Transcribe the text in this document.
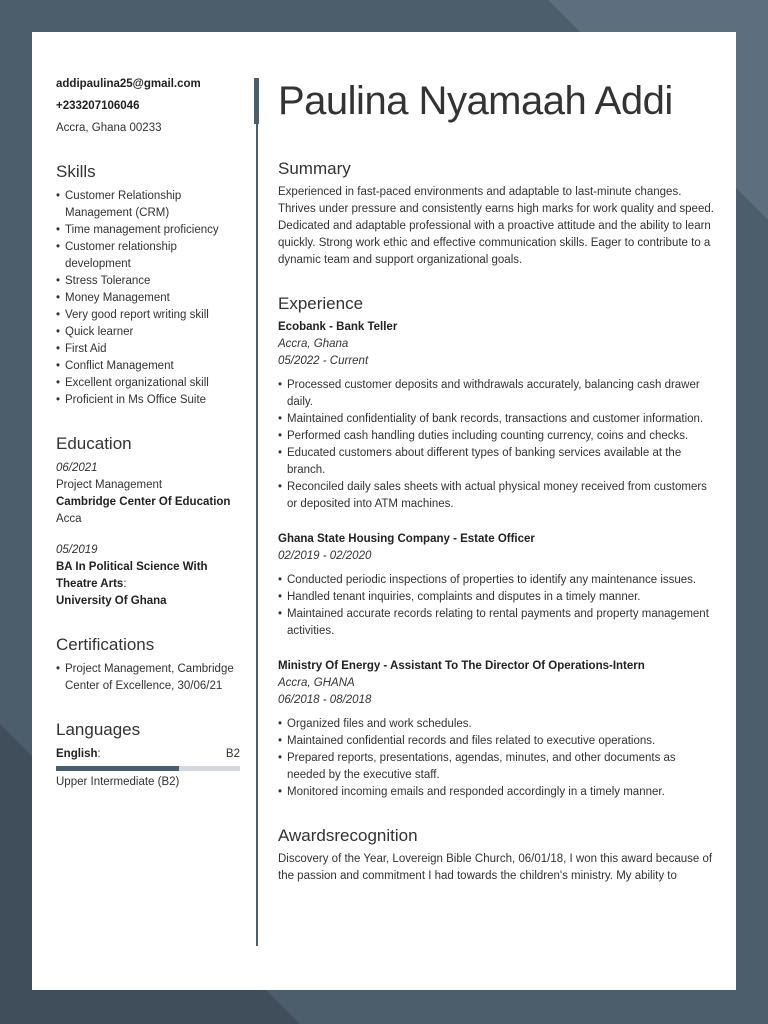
addipaulina25@gmail.com
+233207106046
Accra, Ghana 00233
Skills
• Customer Relationship Management (CRM)
• Time management proficiency
• Customer relationship development
• Stress Tolerance
• Money Management
• Very good report writing skill
• Quick learner
• First Aid
• Conflict Management
• Excellent organizational skill
• Proficient in Ms Office Suite
Education
06/2021
Project Management
Cambridge Center Of Education
Acca
05/2019
BA In Political Science With Theatre Arts:
University Of Ghana
Certifications
• Project Management, Cambridge Center of Excellence, 30/06/21
Languages
English:	B2
Upper Intermediate (B2)
Paulina Nyamaah Addi
Summary
Experienced in fast-paced environments and adaptable to last-minute changes. Thrives under pressure and consistently earns high marks for work quality and speed. Dedicated and adaptable professional with a proactive attitude and the ability to learn quickly. Strong work ethic and effective communication skills. Eager to contribute to a dynamic team and support organizational goals.
Experience
Ecobank - Bank Teller
Accra, Ghana
05/2022 - Current
• Processed customer deposits and withdrawals accurately, balancing cash drawer daily.
• Maintained confidentiality of bank records, transactions and customer information.
• Performed cash handling duties including counting currency, coins and checks.
• Educated customers about different types of banking services available at the branch.
• Reconciled daily sales sheets with actual physical money received from customers or deposited into ATM machines.
Ghana State Housing Company - Estate Officer
02/2019 - 02/2020
• Conducted periodic inspections of properties to identify any maintenance issues.
• Handled tenant inquiries, complaints and disputes in a timely manner.
• Maintained accurate records relating to rental payments and property management activities.
Ministry Of Energy - Assistant To The Director Of Operations-Intern
Accra, GHANA
06/2018 - 08/2018
• Organized files and work schedules.
• Maintained confidential records and files related to executive operations.
• Prepared reports, presentations, agendas, minutes, and other documents as needed by the executive staff.
• Monitored incoming emails and responded accordingly in a timely manner.
Awardsrecognition
Discovery of the Year, Lovereign Bible Church, 06/01/18, I won this award because of the passion and commitment I had towards the children's ministry. My ability to
